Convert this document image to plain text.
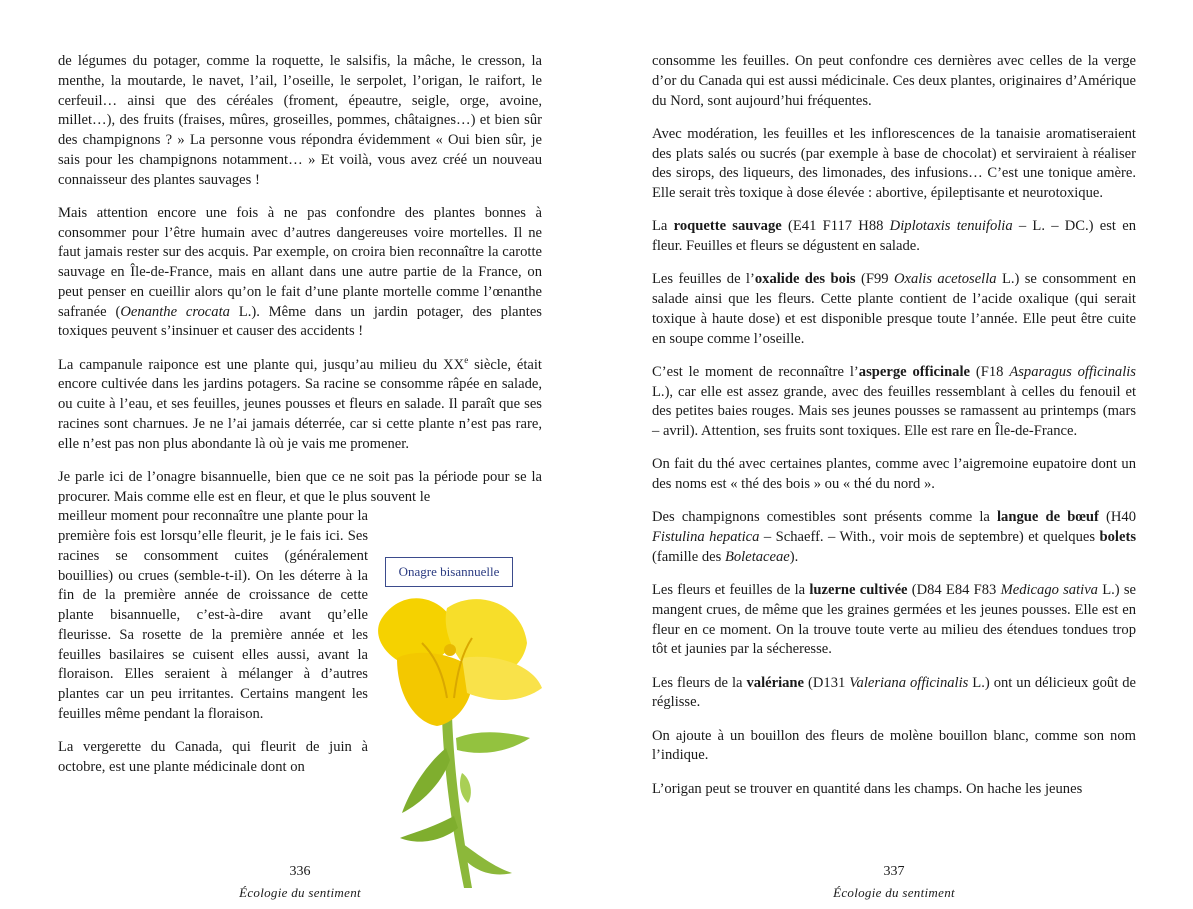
de légumes du potager, comme la roquette, le salsifis, la mâche, le cresson, la menthe, la moutarde, le navet, l’ail, l’oseille, le serpolet, l’origan, le raifort, le cerfeuil… ainsi que des céréales (froment, épeautre, seigle, orge, avoine, millet…), des fruits (fraises, mûres, groseilles, pommes, châtaignes…) et bien sûr des champignons ? » La personne vous répondra évidemment « Oui bien sûr, je sais pour les champignons notamment… » Et voilà, vous avez créé un nouveau connaisseur des plantes sauvages !

Mais attention encore une fois à ne pas confondre des plantes bonnes à consommer pour l’être humain avec d’autres dangereuses voire mortelles. Il ne faut jamais rester sur des acquis. Par exemple, on croira bien reconnaître la carotte sauvage en Île-de-France, mais en allant dans une autre partie de la France, on peut penser en cueillir alors qu’on le fait d’une plante mortelle comme l’œnanthe safranée (Oenanthe crocata L.). Même dans un jardin potager, des plantes toxiques peuvent s’insinuer et causer des accidents !

La campanule raiponce est une plante qui, jusqu’au milieu du XXe siècle, était encore cultivée dans les jardins potagers. Sa racine se consomme râpée en salade, ou cuite à l’eau, et ses feuilles, jeunes pousses et fleurs en salade. Il paraît que ses racines sont charnues. Je ne l’ai jamais déterrée, car si cette plante n’est pas rare, elle n’est pas non plus abondante là où je vais me promener.

Je parle ici de l’onagre bisannuelle, bien que ce ne soit pas la période pour se la procurer. Mais comme elle est en fleur, et que le plus souvent le

meilleur moment pour reconnaître une plante pour la première fois est lorsqu’elle fleurit, je le fais ici. Ses racines se consomment cuites (généralement bouillies) ou crues (semble-t-il). On les déterre à la fin de la première année de croissance de cette plante bisannuelle, c’est-à-dire avant qu’elle fleurisse. Sa rosette de la première année et les feuilles basilaires se cuisent elles aussi, avant la floraison. Elles seraient à mélanger à d’autres plantes car un peu irritantes. Certains mangent les feuilles même pendant la floraison.

La vergerette du Canada, qui fleurit de juin à octobre, est une plante médicinale dont on

Onagre bisannuelle
336
Écologie du sentiment

consomme les feuilles. On peut confondre ces dernières avec celles de la verge d’or du Canada qui est aussi médicinale. Ces deux plantes, originaires d’Amérique du Nord, sont aujourd’hui fréquentes.

Avec modération, les feuilles et les inflorescences de la tanaisie aromatiseraient des plats salés ou sucrés (par exemple à base de chocolat) et serviraient à réaliser des sirops, des liqueurs, des limonades, des infusions… C’est une tonique amère. Elle serait très toxique à dose élevée : abortive, épileptisante et neurotoxique.

La roquette sauvage (E41 F117 H88 Diplotaxis tenuifolia – L. – DC.) est en fleur. Feuilles et fleurs se dégustent en salade.

Les feuilles de l’oxalide des bois (F99 Oxalis acetosella L.) se consomment en salade ainsi que les fleurs. Cette plante contient de l’acide oxalique (qui serait toxique à haute dose) et est disponible presque toute l’année. Elle peut être cuite en soupe comme l’oseille.

C’est le moment de reconnaître l’asperge officinale (F18 Asparagus officinalis L.), car elle est assez grande, avec des feuilles ressemblant à celles du fenouil et des petites baies rouges. Mais ses jeunes pousses se ramassent au printemps (mars – avril). Attention, ses fruits sont toxiques. Elle est rare en Île-de-France.

On fait du thé avec certaines plantes, comme avec l’aigremoine eupatoire dont un des noms est « thé des bois » ou « thé du nord ».

Des champignons comestibles sont présents comme la langue de bœuf (H40 Fistulina hepatica – Schaeff. – With., voir mois de septembre) et quelques bolets (famille des Boletaceae).

Les fleurs et feuilles de la luzerne cultivée (D84 E84 F83 Medicago sativa L.) se mangent crues, de même que les graines germées et les jeunes pousses. Elle est en fleur en ce moment. On la trouve toute verte au milieu des étendues tondues trop tôt et jaunies par la sécheresse.

Les fleurs de la valériane (D131 Valeriana officinalis L.) ont un délicieux goût de réglisse.

On ajoute à un bouillon des fleurs de molène bouillon blanc, comme son nom l’indique.

L’origan peut se trouver en quantité dans les champs. On hache les jeunes

337
Écologie du sentiment
